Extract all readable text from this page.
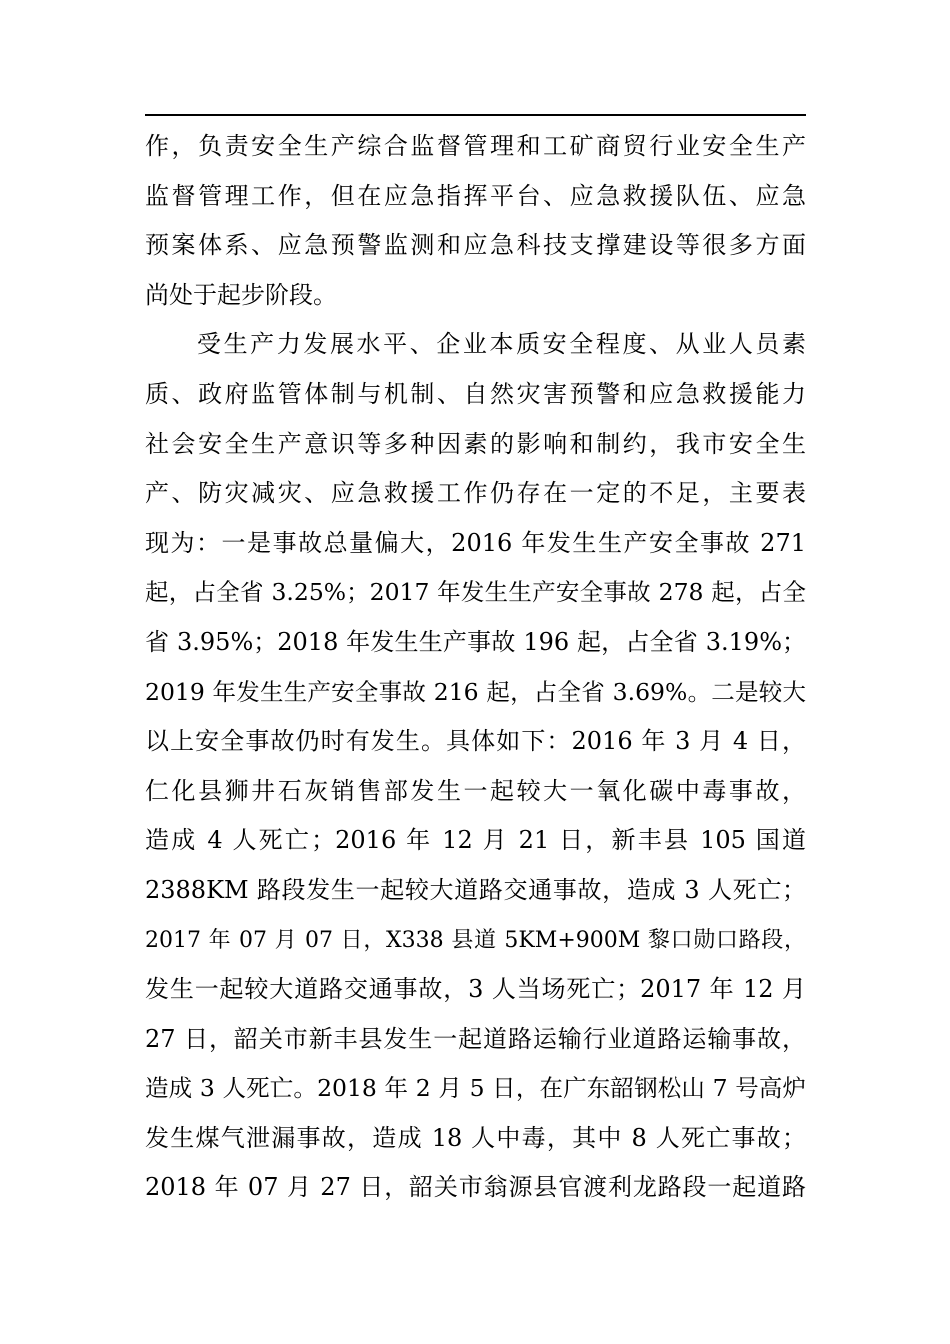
作，负责安全生产综合监督管理和工矿商贸行业安全生产
监督管理工作，但在应急指挥平台、应急救援队伍、应急
预案体系、应急预警监测和应急科技支撑建设等很多方面
尚处于起步阶段。
受生产力发展水平、企业本质安全程度、从业人员素
质、政府监管体制与机制、自然灾害预警和应急救援能力
社会安全生产意识等多种因素的影响和制约，我市安全生
产、防灾减灾、应急救援工作仍存在一定的不足，主要表
现为：一是事故总量偏大，2016 年发生生产安全事故 271
起，占全省 3.25%；2017 年发生生产安全事故 278 起，占全
省 3.95%；2018 年发生生产事故 196 起，占全省 3.19%；
2019 年发生生产安全事故 216 起，占全省 3.69%。二是较大
以上安全事故仍时有发生。具体如下：2016 年 3 月 4 日，
仁化县狮井石灰销售部发生一起较大一氧化碳中毒事故，
造成 4 人死亡；2016 年 12 月 21 日，新丰县 105 国道
2388KM 路段发生一起较大道路交通事故，造成 3 人死亡；
2017 年 07 月 07 日，X338 县道 5KM+900M 黎口勋口路段，
发生一起较大道路交通事故，3 人当场死亡；2017 年 12 月
27 日，韶关市新丰县发生一起道路运输行业道路运输事故，
造成 3 人死亡。2018 年 2 月 5 日，在广东韶钢松山 7 号高炉
发生煤气泄漏事故，造成 18 人中毒，其中 8 人死亡事故；
2018 年 07 月 27 日，韶关市翁源县官渡利龙路段一起道路
